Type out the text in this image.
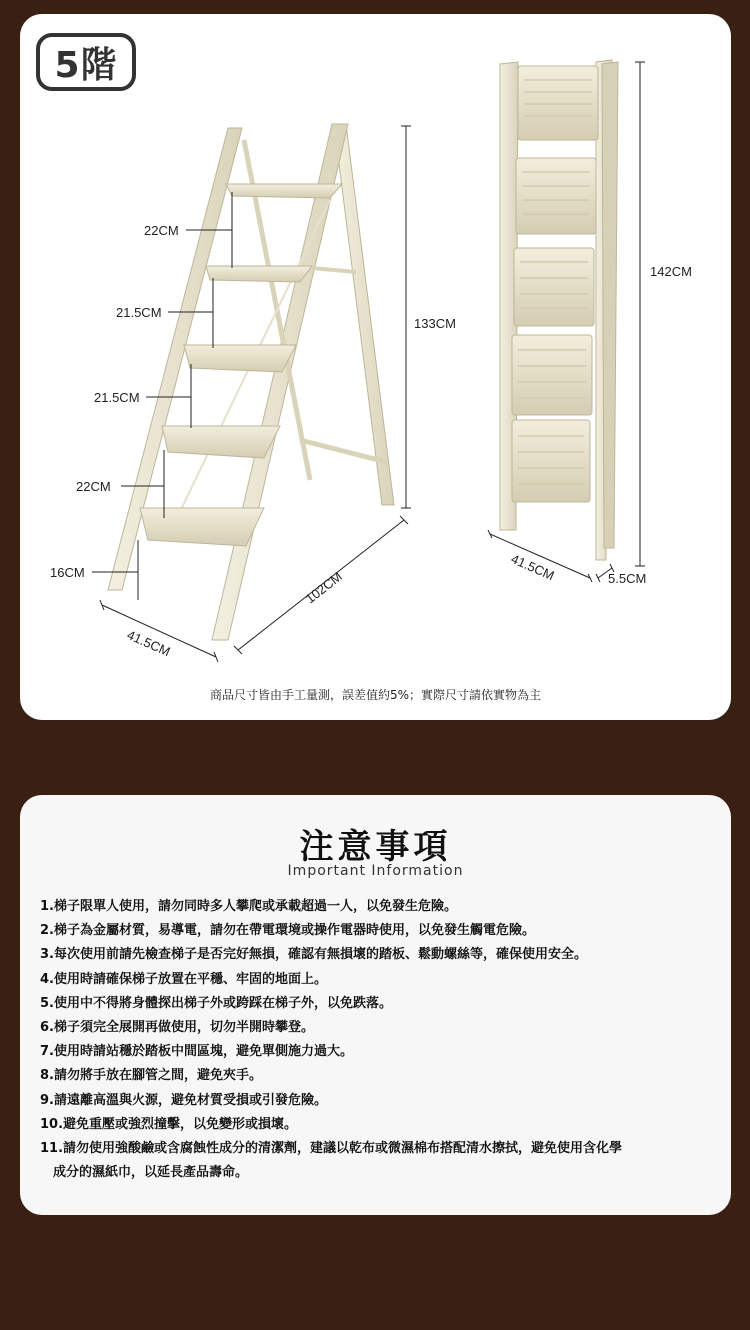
22CM
21.5CM
21.5CM
22CM
16CM
133CM
41.5CM
102CM
142CM
41.5CM	5.5CM
5階
商品尺寸皆由手工量測，誤差值約5%；實際尺寸請依實物為主
注意事項
Important Information
1.梯子限單人使用，請勿同時多人攀爬或承載超過一人，以免發生危險。
2.梯子為金屬材質，易導電，請勿在帶電環境或操作電器時使用，以免發生觸電危險。
3.每次使用前請先檢查梯子是否完好無損，確認有無損壞的踏板、鬆動螺絲等，確保使用安全。
4.使用時請確保梯子放置在平穩、牢固的地面上。
5.使用中不得將身體探出梯子外或跨踩在梯子外，以免跌落。
6.梯子須完全展開再做使用，切勿半開時攀登。
7.使用時請站穩於踏板中間區塊，避免單側施力過大。
8.請勿將手放在腳管之間，避免夾手。
9.請遠離高溫與火源，避免材質受損或引發危險。
10.避免重壓或強烈撞擊，以免變形或損壞。
11.請勿使用強酸鹼或含腐蝕性成分的清潔劑，建議以乾布或微濕棉布搭配清水擦拭，避免使用含化學
　成分的濕紙巾，以延長產品壽命。
